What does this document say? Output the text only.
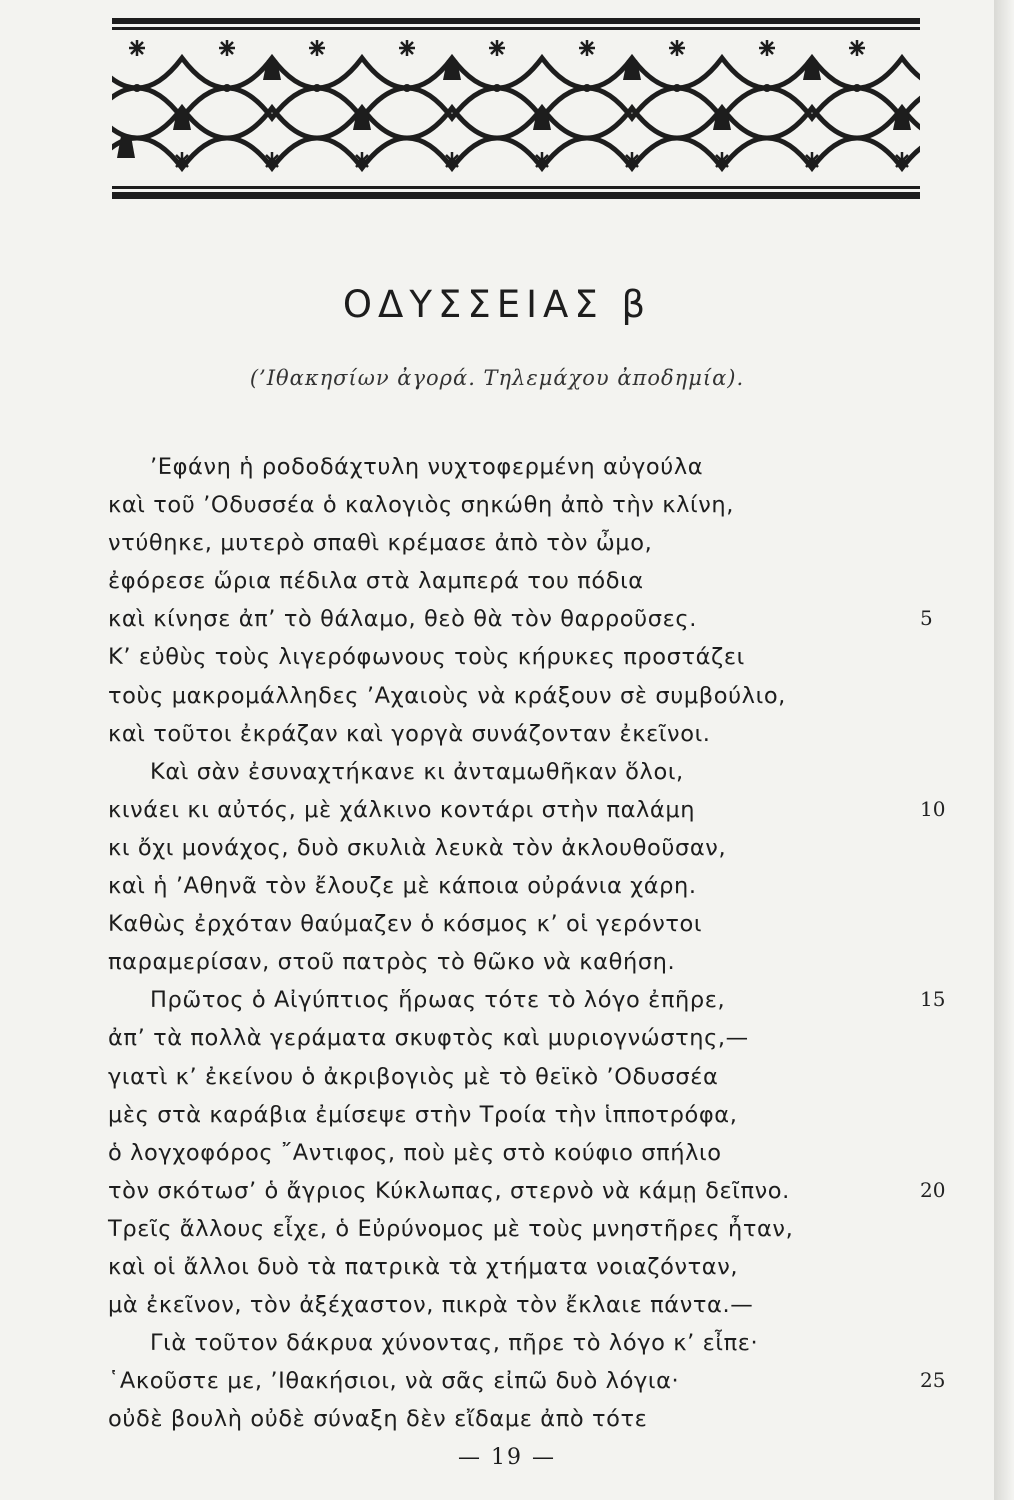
ΟΔΥΣΣΕΙΑΣ β
(’Ιθακησίων ἀγορά. Τηλεμάχου ἀποδημία).
’Εφάνη ἡ ροδοδάχτυλη νυχτοφερμένη αὐγούλα
καὶ τοῦ ’Οδυσσέα ὁ καλογιὸς σηκώθη ἀπὸ τὴν κλίνη,
ντύθηκε, μυτερὸ σπαθὶ κρέμασε ἀπὸ τὸν ὦμο,
ἐφόρεσε ὥρια πέδιλα στὰ λαμπερά του πόδια
καὶ κίνησε ἀπ’ τὸ θάλαμο, θεὸ θὰ τὸν θαρροῦσες.
Κ’ εὐθὺς τοὺς λιγερόφωνους τοὺς κήρυκες προστάζει
τοὺς μακρομάλληδες ’Αχαιοὺς νὰ κράξουν σὲ συμβούλιο,
καὶ τοῦτοι ἐκράζαν καὶ γοργὰ συνάζονταν ἐκεῖνοι.
Καὶ σὰν ἐσυναχτήκανε κι ἀνταμωθῆκαν ὅλοι,
κινάει κι αὐτός, μὲ χάλκινο κοντάρι στὴν παλάμη
κι ὄχι μονάχος, δυὸ σκυλιὰ λευκὰ τὸν ἀκλουθοῦσαν,
καὶ ἡ ’Αθηνᾶ τὸν ἔλουζε μὲ κάποια οὐράνια χάρη.
Καθὼς ἐρχόταν θαύμαζεν ὁ κόσμος κ’ οἱ γερόντοι
παραμερίσαν, στοῦ πατρὸς τὸ θῶκο νὰ καθήση.
Πρῶτος ὁ Αἰγύπτιος ἥρωας τότε τὸ λόγο ἐπῆρε,
ἀπ’ τὰ πολλὰ γεράματα σκυφτὸς καὶ μυριογνώστης,—
γιατὶ κ’ ἐκείνου ὁ ἀκριβογιὸς μὲ τὸ θεϊκὸ ’Οδυσσέα
μὲς στὰ καράβια ἐμίσεψε στὴν Τροία τὴν ἱπποτρόφα,
ὁ λογχοφόρος ῎Αντιφος, ποὺ μὲς στὸ κούφιο σπήλιο
τὸν σκότωσ’ ὁ ἄγριος Κύκλωπας, στερνὸ νὰ κάμῃ δεῖπνο.
Τρεῖς ἄλλους εἶχε, ὁ Εὐρύνομος μὲ τοὺς μνηστῆρες ἦταν,
καὶ οἱ ἄλλοι δυὸ τὰ πατρικὰ τὰ χτήματα νοιαζόνταν,
μὰ ἐκεῖνον, τὸν ἀξέχαστον, πικρὰ τὸν ἔκλαιε πάντα.—
Γιὰ τοῦτον δάκρυα χύνοντας, πῆρε τὸ λόγο κ’ εἶπε·
῾Ακοῦστε με, ’Ιθακήσιοι, νὰ σᾶς εἰπῶ δυὸ λόγια·
οὐδὲ βουλὴ οὐδὲ σύναξη δὲν εἴδαμε ἀπὸ τότε
5
10
15
20
25
— 19 —
